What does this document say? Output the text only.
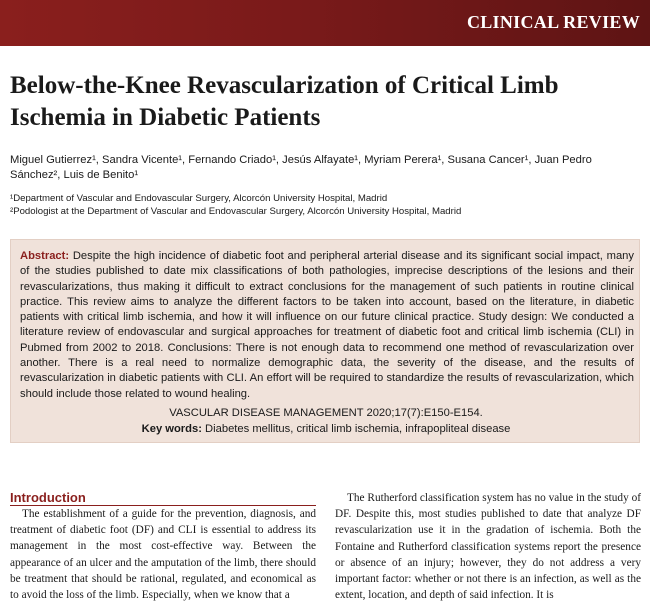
CLINICAL REVIEW
Below-the-Knee Revascularization of Critical Limb Ischemia in Diabetic Patients
Miguel Gutierrez¹, Sandra Vicente¹, Fernando Criado¹, Jesús Alfayate¹, Myriam Perera¹, Susana Cancer¹, Juan Pedro Sánchez², Luis de Benito¹
¹Department of Vascular and Endovascular Surgery, Alcorcón University Hospital, Madrid
²Podologist at the Department of Vascular and Endovascular Surgery, Alcorcón University Hospital, Madrid

Abstract: Despite the high incidence of diabetic foot and peripheral arterial disease and its significant social impact, many of the studies published to date mix classifications of both pathologies, imprecise descriptions of the lesions and their revascularizations, thus making it difficult to extract conclusions for the management of such patients in routine clinical practice. This review aims to analyze the different factors to be taken into account, based on the literature, in diabetic patients with critical limb ischemia, and how it will influence on our future clinical practice. Study design: We conducted a literature review of endovascular and surgical approaches for treatment of diabetic foot and critical limb ischemia (CLI) in Pubmed from 2002 to 2018. Conclusions: There is not enough data to recommend one method of revascularization over another. There is a real need to normalize demographic data, the severity of the disease, and the results of revascularization in diabetic patients with CLI. An effort will be required to standardize the results of revascularization, which should include those related to wound healing.

VASCULAR DISEASE MANAGEMENT 2020;17(7):E150-E154.
Key words: Diabetes mellitus, critical limb ischemia, infrapopliteal disease
Introduction

The establishment of a guide for the prevention, diagnosis, and treatment of diabetic foot (DF) and CLI is essential to address its management in the most cost-effective way. Between the appearance of an ulcer and the amputation of the limb, there should be treatment that should be rational, regulated, and economical as to avoid the loss of the limb. Especially, when we know that a

The Rutherford classification system has no value in the study of DF. Despite this, most studies published to date that analyze DF revascularization use it in the gradation of ischemia. Both the Fontaine and Rutherford classification systems report the presence or absence of an injury; however, they do not address a very important factor: whether or not there is an infection, as well as the extent, location, and depth of said infection. It is
